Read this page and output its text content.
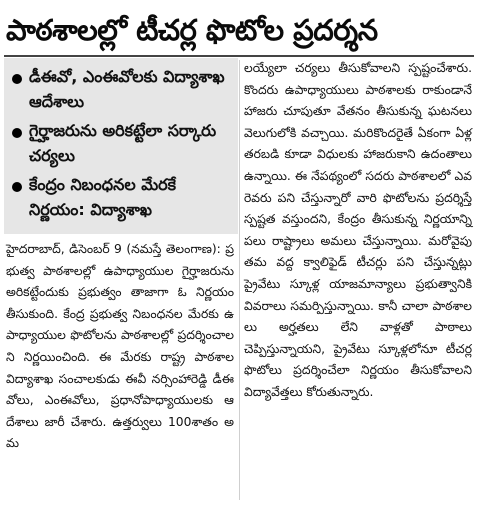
పాఠశాలల్లో టీచర్ల ఫొటోల ప్రదర్శన
డీఈవో, ఎంఈవోలకు విద్యాశాఖ ఆదేశాలు
గైర్హాజరును అరికట్టేలా సర్కారు చర్యలు
కేంద్రం నిబంధనల మేరకే నిర్ణయం: విద్యాశాఖ
హైదరాబాద్, డిసెంబర్ 9 (నమస్తే తెలంగాణ): ప్రభుత్వ పాఠశాలల్లో ఉపాధ్యాయుల గైర్హాజరును అరికట్టేందుకు ప్రభుత్వం తాజాగా ఓ నిర్ణయం తీసుకుంది. కేంద్ర ప్రభుత్వ నిబంధనల మేరకు ఉపాధ్యాయుల ఫొటోలను పాఠశాలల్లో ప్రదర్శించాలని నిర్ణయించింది. ఈ మేరకు రాష్ట్ర పాఠశాల విద్యాశాఖ సంచాలకుడు ఈవీ నర్సింహారెడ్డి డీఈవోలు, ఎంఈవోలు, ప్రధానోపాధ్యాయులకు ఆదేశాలు జారీ చేశారు. ఉత్తర్వులు 100శాతం అమ
లయ్యేలా చర్యలు తీసుకోవాలని స్పష్టంచేశారు. కొందరు ఉపాధ్యాయులు పాఠశాలకు రాకుండానే హాజరు చూపుతూ వేతనం తీసుకున్న ఘటనలు వెలుగులోకి వచ్చాయి. మరికొందరైతే ఏకంగా ఏళ్ల తరబడి కూడా విధులకు హాజరుకాని ఉదంతాలు ఉన్నాయి. ఈ నేపథ్యంలో సదరు పాఠశాలలో ఎవరెవరు పని చేస్తున్నారో వారి ఫొటోలను ప్రదర్శిస్తే స్పష్టత వస్తుందని, కేంద్రం తీసుకున్న నిర్ణయాన్ని పలు రాష్ట్రాలు అమలు చేస్తున్నాయి. మరోవైపు తమ వద్ద క్వాలిఫైడ్ టీచర్లు పని చేస్తున్నట్లు ప్రైవేటు స్కూళ్ల యాజమాన్యాలు ప్రభుత్వానికి వివరాలు సమర్పిస్తున్నాయి. కానీ చాలా పాఠశాలలు అర్హతలు లేని వాళ్లతో పాఠాలు చెప్పిస్తున్నాయని, ప్రైవేటు స్కూళ్లలోనూ టీచర్ల ఫొటోలు ప్రదర్శించేలా నిర్ణయం తీసుకోవాలని విద్యావేత్తలు కోరుతున్నారు.
